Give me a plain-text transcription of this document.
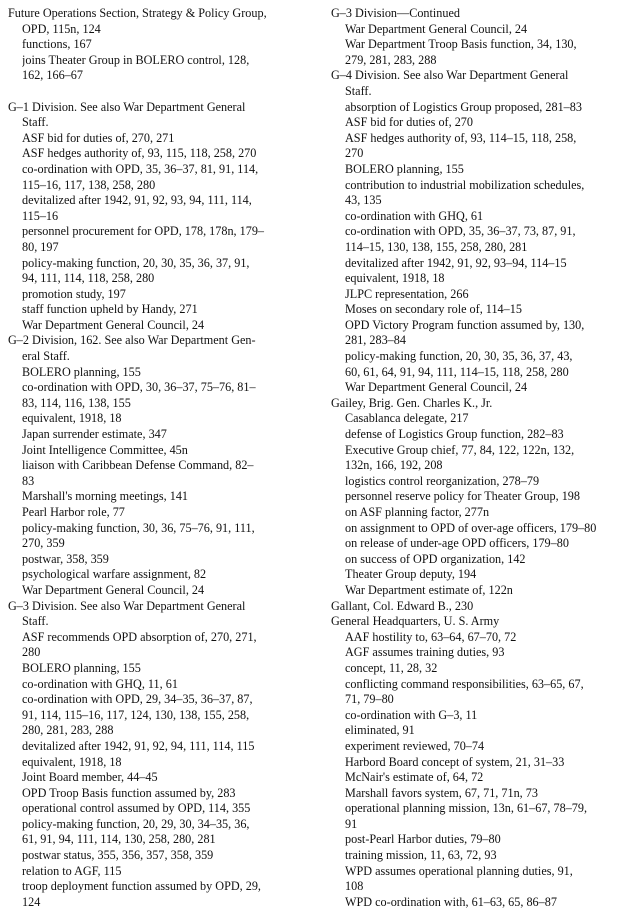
Future Operations Section, Strategy & Policy Group,
OPD, 115n, 124
functions, 167
joins Theater Group in BOLERO control, 128,
162, 166–67
G–1 Division. See also War Department General
Staff.
ASF bid for duties of, 270, 271
ASF hedges authority of, 93, 115, 118, 258, 270
co-ordination with OPD, 35, 36–37, 81, 91, 114,
115–16, 117, 138, 258, 280
devitalized after 1942, 91, 92, 93, 94, 111, 114,
115–16
personnel procurement for OPD, 178, 178n, 179–
80, 197
policy-making function, 20, 30, 35, 36, 37, 91,
94, 111, 114, 118, 258, 280
promotion study, 197
staff function upheld by Handy, 271
War Department General Council, 24
G–2 Division, 162. See also War Department Gen-
eral Staff.
BOLERO planning, 155
co-ordination with OPD, 30, 36–37, 75–76, 81–
83, 114, 116, 138, 155
equivalent, 1918, 18
Japan surrender estimate, 347
Joint Intelligence Committee, 45n
liaison with Caribbean Defense Command, 82–
83
Marshall's morning meetings, 141
Pearl Harbor role, 77
policy-making function, 30, 36, 75–76, 91, 111,
270, 359
postwar, 358, 359
psychological warfare assignment, 82
War Department General Council, 24
G–3 Division. See also War Department General
Staff.
ASF recommends OPD absorption of, 270, 271,
280
BOLERO planning, 155
co-ordination with GHQ, 11, 61
co-ordination with OPD, 29, 34–35, 36–37, 87,
91, 114, 115–16, 117, 124, 130, 138, 155, 258,
280, 281, 283, 288
devitalized after 1942, 91, 92, 94, 111, 114, 115
equivalent, 1918, 18
Joint Board member, 44–45
OPD Troop Basis function assumed by, 283
operational control assumed by OPD, 114, 355
policy-making function, 20, 29, 30, 34–35, 36,
61, 91, 94, 111, 114, 130, 258, 280, 281
postwar status, 355, 356, 357, 358, 359
relation to AGF, 115
troop deployment function assumed by OPD, 29,
124
G–3 Division—Continued
War Department General Council, 24
War Department Troop Basis function, 34, 130,
279, 281, 283, 288
G–4 Division. See also War Department General
Staff.
absorption of Logistics Group proposed, 281–83
ASF bid for duties of, 270
ASF hedges authority of, 93, 114–15, 118, 258,
270
BOLERO planning, 155
contribution to industrial mobilization schedules,
43, 135
co-ordination with GHQ, 61
co-ordination with OPD, 35, 36–37, 73, 87, 91,
114–15, 130, 138, 155, 258, 280, 281
devitalized after 1942, 91, 92, 93–94, 114–15
equivalent, 1918, 18
JLPC representation, 266
Moses on secondary role of, 114–15
OPD Victory Program function assumed by, 130,
281, 283–84
policy-making function, 20, 30, 35, 36, 37, 43,
60, 61, 64, 91, 94, 111, 114–15, 118, 258, 280
War Department General Council, 24
Gailey, Brig. Gen. Charles K., Jr.
Casablanca delegate, 217
defense of Logistics Group function, 282–83
Executive Group chief, 77, 84, 122, 122n, 132,
132n, 166, 192, 208
logistics control reorganization, 278–79
personnel reserve policy for Theater Group, 198
on ASF planning factor, 277n
on assignment to OPD of over-age officers, 179–80
on release of under-age OPD officers, 179–80
on success of OPD organization, 142
Theater Group deputy, 194
War Department estimate of, 122n
Gallant, Col. Edward B., 230
General Headquarters, U. S. Army
AAF hostility to, 63–64, 67–70, 72
AGF assumes training duties, 93
concept, 11, 28, 32
conflicting command responsibilities, 63–65, 67,
71, 79–80
co-ordination with G–3, 11
eliminated, 91
experiment reviewed, 70–74
Harbord Board concept of system, 21, 31–33
McNair's estimate of, 64, 72
Marshall favors system, 67, 71, 71n, 73
operational planning mission, 13n, 61–67, 78–79,
91
post-Pearl Harbor duties, 79–80
training mission, 11, 63, 72, 93
WPD assumes operational planning duties, 91,
108
WPD co-ordination with, 61–63, 65, 86–87
